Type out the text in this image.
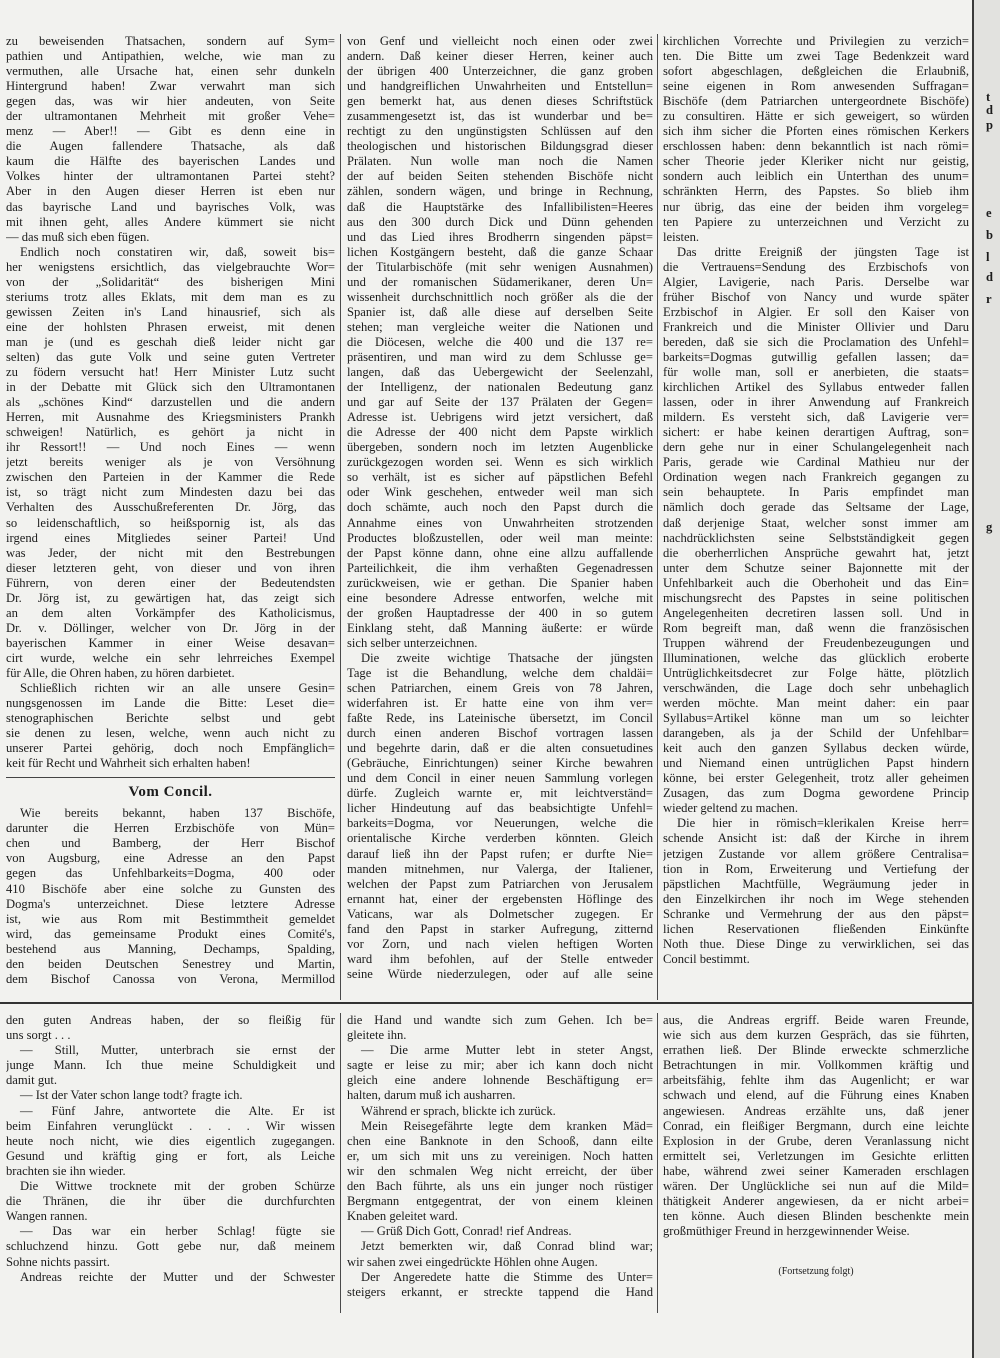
zu beweisenden Thatsachen, sondern auf Sym=
pathien und Antipathien, welche, wie man zu
vermuthen, alle Ursache hat, einen sehr dunkeln
Hintergrund haben! Zwar verwahrt man sich
gegen das, was wir hier andeuten, von Seite
der ultramontanen Mehrheit mit großer Vehe=
menz — Aber!! — Gibt es denn eine in
die Augen fallendere Thatsache, als daß
kaum die Hälfte des bayerischen Landes und
Volkes hinter der ultramontanen Partei steht?
Aber in den Augen dieser Herren ist eben nur
das bayrische Land und bayrisches Volk, was
mit ihnen geht, alles Andere kümmert sie nicht
— das muß sich eben fügen.
Endlich noch constatiren wir, daß, soweit bis=
her wenigstens ersichtlich, das vielgebrauchte Wor=
von der „Solidarität“ des bisherigen Mini
steriums trotz alles Eklats, mit dem man es zu
gewissen Zeiten in's Land hinausrief, sich als
eine der hohlsten Phrasen erweist, mit denen
man je (und es geschah dieß leider nicht gar
selten) das gute Volk und seine guten Vertreter
zu födern versucht hat! Herr Minister Lutz sucht
in der Debatte mit Glück sich den Ultramontanen
als „schönes Kind“ darzustellen und die andern
Herren, mit Ausnahme des Kriegsministers Prankh
schweigen! Natürlich, es gehört ja nicht in
ihr Ressort!! — Und noch Eines — wenn
jetzt bereits weniger als je von Versöhnung
zwischen den Parteien in der Kammer die Rede
ist, so trägt nicht zum Mindesten dazu bei das
Verhalten des Ausschußreferenten Dr. Jörg, das
so leidenschaftlich, so heißspornig ist, als das
irgend eines Mitgliedes seiner Partei! Und
was Jeder, der nicht mit den Bestrebungen
dieser letzteren geht, von dieser und von ihren
Führern, von deren einer der Bedeutendsten
Dr. Jörg ist, zu gewärtigen hat, das zeigt sich
an dem alten Vorkämpfer des Katholicismus,
Dr. v. Döllinger, welcher von Dr. Jörg in der
bayerischen Kammer in einer Weise desavan=
cirt wurde, welche ein sehr lehrreiches Exempel
für Alle, die Ohren haben, zu hören darbietet.
Schließlich richten wir an alle unsere Gesin=
nungsgenossen im Lande die Bitte: Leset die=
stenographischen Berichte selbst und gebt
sie denen zu lesen, welche, wenn auch nicht zu
unserer Partei gehörig, doch noch Empfänglich=
keit für Recht und Wahrheit sich erhalten haben!
Vom Concil.
Wie bereits bekannt, haben 137 Bischöfe,
darunter die Herren Erzbischöfe von Mün=
chen und Bamberg, der Herr Bischof
von Augsburg, eine Adresse an den Papst
gegen das Unfehlbarkeits=Dogma, 400 oder
410 Bischöfe aber eine solche zu Gunsten des
Dogma's unterzeichnet. Diese letztere Adresse
ist, wie aus Rom mit Bestimmtheit gemeldet
wird, das gemeinsame Produkt eines Comité's,
bestehend aus Manning, Dechamps, Spalding,
den beiden Deutschen Senestrey und Martin,
dem Bischof Canossa von Verona, Mermillod
von Genf und vielleicht noch einen oder zwei
andern. Daß keiner dieser Herren, keiner auch
der übrigen 400 Unterzeichner, die ganz groben
und handgreiflichen Unwahrheiten und Entstellun=
gen bemerkt hat, aus denen dieses Schriftstück
zusammengesetzt ist, das ist wunderbar und be=
rechtigt zu den ungünstigsten Schlüssen auf den
theologischen und historischen Bildungsgrad dieser
Prälaten. Nun wolle man noch die Namen
der auf beiden Seiten stehenden Bischöfe nicht
zählen, sondern wägen, und bringe in Rechnung,
daß die Hauptstärke des Infallibilisten=Heeres
aus den 300 durch Dick und Dünn gehenden
und das Lied ihres Brodherrn singenden päpst=
lichen Kostgängern besteht, daß die ganze Schaar
der Titularbischöfe (mit sehr wenigen Ausnahmen)
und der romanischen Südamerikaner, deren Un=
wissenheit durchschnittlich noch größer als die der
Spanier ist, daß alle diese auf derselben Seite
stehen; man vergleiche weiter die Nationen und
die Diöcesen, welche die 400 und die 137 re=
präsentiren, und man wird zu dem Schlusse ge=
langen, daß das Uebergewicht der Seelenzahl,
der Intelligenz, der nationalen Bedeutung ganz
und gar auf Seite der 137 Prälaten der Gegen=
Adresse ist. Uebrigens wird jetzt versichert, daß
die Adresse der 400 nicht dem Papste wirklich
übergeben, sondern noch im letzten Augenblicke
zurückgezogen worden sei. Wenn es sich wirklich
so verhält, ist es sicher auf päpstlichen Befehl
oder Wink geschehen, entweder weil man sich
doch schämte, auch noch den Papst durch die
Annahme eines von Unwahrheiten strotzenden
Productes bloßzustellen, oder weil man meinte:
der Papst könne dann, ohne eine allzu auffallende
Parteilichkeit, die ihm verhaßten Gegenadressen
zurückweisen, wie er gethan. Die Spanier haben
eine besondere Adresse entworfen, welche mit
der großen Hauptadresse der 400 in so gutem
Einklang steht, daß Manning äußerte: er würde
sich selber unterzeichnen.
Die zweite wichtige Thatsache der jüngsten
Tage ist die Behandlung, welche dem chaldäi=
schen Patriarchen, einem Greis von 78 Jahren,
widerfahren ist. Er hatte eine von ihm ver=
faßte Rede, ins Lateinische übersetzt, im Concil
durch einen anderen Bischof vortragen lassen
und begehrte darin, daß er die alten consuetudines
(Gebräuche, Einrichtungen) seiner Kirche bewahren
und dem Concil in einer neuen Sammlung vorlegen
dürfe. Zugleich warnte er, mit leichtverständ=
licher Hindeutung auf das beabsichtigte Unfehl=
barkeits=Dogma, vor Neuerungen, welche die
orientalische Kirche verderben könnten. Gleich
darauf ließ ihn der Papst rufen; er durfte Nie=
manden mitnehmen, nur Valerga, der Italiener,
welchen der Papst zum Patriarchen von Jerusalem
ernannt hat, einer der ergebensten Höflinge des
Vaticans, war als Dolmetscher zugegen. Er
fand den Papst in starker Aufregung, zitternd
vor Zorn, und nach vielen heftigen Worten
ward ihm befohlen, auf der Stelle entweder
seine Würde niederzulegen, oder auf alle seine
kirchlichen Vorrechte und Privilegien zu verzich=
ten. Die Bitte um zwei Tage Bedenkzeit ward
sofort abgeschlagen, deßgleichen die Erlaubniß,
seine eigenen in Rom anwesenden Suffragan=
Bischöfe (dem Patriarchen untergeordnete Bischöfe)
zu consultiren. Hätte er sich geweigert, so würden
sich ihm sicher die Pforten eines römischen Kerkers
erschlossen haben: denn bekanntlich ist nach römi=
scher Theorie jeder Kleriker nicht nur geistig,
sondern auch leiblich ein Unterthan des unum=
schränkten Herrn, des Papstes. So blieb ihm
nur übrig, das eine der beiden ihm vorgeleg=
ten Papiere zu unterzeichnen und Verzicht zu
leisten.
Das dritte Ereigniß der jüngsten Tage ist
die Vertrauens=Sendung des Erzbischofs von
Algier, Lavigerie, nach Paris. Derselbe war
früher Bischof von Nancy und wurde später
Erzbischof in Algier. Er soll den Kaiser von
Frankreich und die Minister Ollivier und Daru
bereden, daß sie sich die Proclamation des Unfehl=
barkeits=Dogmas gutwillig gefallen lassen; da=
für wolle man, soll er anerbieten, die staats=
kirchlichen Artikel des Syllabus entweder fallen
lassen, oder in ihrer Anwendung auf Frankreich
mildern. Es versteht sich, daß Lavigerie ver=
sichert: er habe keinen derartigen Auftrag, son=
dern gehe nur in einer Schulangelegenheit nach
Paris, gerade wie Cardinal Mathieu nur der
Ordination wegen nach Frankreich gegangen zu
sein behauptete. In Paris empfindet man
nämlich doch gerade das Seltsame der Lage,
daß derjenige Staat, welcher sonst immer am
nachdrücklichsten seine Selbstständigkeit gegen
die oberherrlichen Ansprüche gewahrt hat, jetzt
unter dem Schutze seiner Bajonnette mit der
Unfehlbarkeit auch die Oberhoheit und das Ein=
mischungsrecht des Papstes in seine politischen
Angelegenheiten decretiren lassen soll. Und in
Rom begreift man, daß wenn die französischen
Truppen während der Freudenbezeugungen und
Illuminationen, welche das glücklich eroberte
Untrüglichkeitsdecret zur Folge hätte, plötzlich
verschwänden, die Lage doch sehr unbehaglich
werden möchte. Man meint daher: ein paar
Syllabus=Artikel könne man um so leichter
darangeben, als ja der Schild der Unfehlbar=
keit auch den ganzen Syllabus decken würde,
und Niemand einen untrüglichen Papst hindern
könne, bei erster Gelegenheit, trotz aller geheimen
Zusagen, das zum Dogma gewordene Princip
wieder geltend zu machen.
Die hier in römisch=klerikalen Kreise herr=
schende Ansicht ist: daß der Kirche in ihrem
jetzigen Zustande vor allem größere Centralisa=
tion in Rom, Erweiterung und Vertiefung der
päpstlichen Machtfülle, Wegräumung jeder in
den Einzelkirchen ihr noch im Wege stehenden
Schranke und Vermehrung der aus den päpst=
lichen Reservationen fließenden Einkünfte
Noth thue. Diese Dinge zu verwirklichen, sei das
Concil bestimmt.
den guten Andreas haben, der so fleißig für
uns sorgt . . .
— Still, Mutter, unterbrach sie ernst der
junge Mann. Ich thue meine Schuldigkeit und
damit gut.
— Ist der Vater schon lange todt? fragte ich.
— Fünf Jahre, antwortete die Alte. Er ist
beim Einfahren verunglückt . . . . Wir wissen
heute noch nicht, wie dies eigentlich zugegangen.
Gesund und kräftig ging er fort, als Leiche
brachten sie ihn wieder.
Die Wittwe trocknete mit der groben Schürze
die Thränen, die ihr über die durchfurchten
Wangen rannen.
— Das war ein herber Schlag! fügte sie
schluchzend hinzu. Gott gebe nur, daß meinem
Sohne nichts passirt.
Andreas reichte der Mutter und der Schwester
die Hand und wandte sich zum Gehen. Ich be=
gleitete ihn.
— Die arme Mutter lebt in steter Angst,
sagte er leise zu mir; aber ich kann doch nicht
gleich eine andere lohnende Beschäftigung er=
halten, darum muß ich ausharren.
Während er sprach, blickte ich zurück.
Mein Reisegefährte legte dem kranken Mäd=
chen eine Banknote in den Schooß, dann eilte
er, um sich mit uns zu vereinigen. Noch hatten
wir den schmalen Weg nicht erreicht, der über
den Bach führte, als uns ein junger noch rüstiger
Bergmann entgegentrat, der von einem kleinen
Knaben geleitet ward.
— Grüß Dich Gott, Conrad! rief Andreas.
Jetzt bemerkten wir, daß Conrad blind war;
wir sahen zwei eingedrückte Höhlen ohne Augen.
Der Angeredete hatte die Stimme des Unter=
steigers erkannt, er streckte tappend die Hand
aus, die Andreas ergriff. Beide waren Freunde,
wie sich aus dem kurzen Gespräch, das sie führten,
errathen ließ. Der Blinde erweckte schmerzliche
Betrachtungen in mir. Vollkommen kräftig und
arbeitsfähig, fehlte ihm das Augenlicht; er war
schwach und elend, auf die Führung eines Knaben
angewiesen. Andreas erzählte uns, daß jener
Conrad, ein fleißiger Bergmann, durch eine leichte
Explosion in der Grube, deren Veranlassung nicht
ermittelt sei, Verletzungen im Gesichte erlitten
habe, während zwei seiner Kameraden erschlagen
wären. Der Unglückliche sei nun auf die Mild=
thätigkeit Anderer angewiesen, da er nicht arbei=
ten könne. Auch diesen Blinden beschenkte mein
großmüthiger Freund in herzgewinnender Weise.
(Fortsetzung folgt)
t
d
p
e
b
l
d
r
g
